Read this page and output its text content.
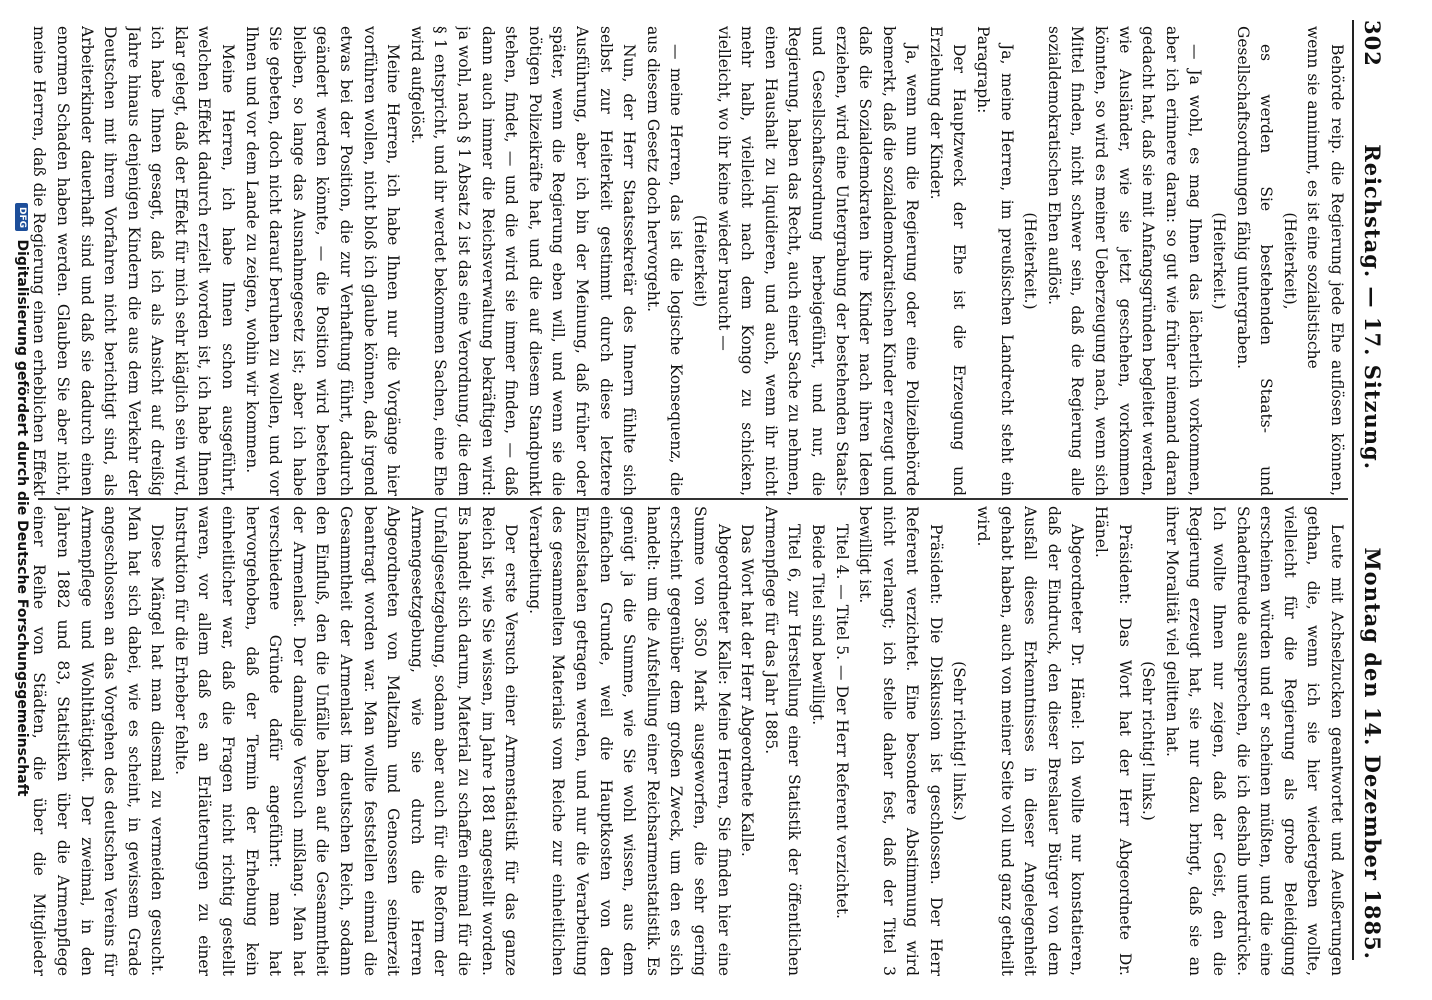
302
Reichstag. — 17. Sitzung.
Montag den 14. Dezember 1885.

Behörde reip. die Regierung jede Ehe auflösen können, wenn sie annimmt, es ist eine sozialistische

(Heiterkeit),

es werden Sie bestehenden Staats- und Gesellschaftsordnungen fähig untergraben.

(Heiterkeit.)

— Ja wohl, es mag Ihnen das lächerlich vorkommen, aber ich erinnere daran: so gut wie früher niemand daran gedacht hat, daß sie mit Anfangsgründen begleitet werden, wie Ausländer, wie sie jetzt geschehen, vorkommen könnten, so wird es meiner Ueberzeugung nach, wenn sich Mittel finden, nicht schwer sein, daß die Regierung alle sozialdemokratischen Ehen auflöst.

(Heiterkeit.)

Ja, meine Herren, im preußischen Landrecht steht ein Paragraph:

Der Hauptzweck der Ehe ist die Erzeugung und Erziehung der Kinder.

Ja, wenn nun die Regierung oder eine Polizeibehörde bemerkt, daß die sozialdemokratischen Kinder erzeugt und daß die Sozialdemokraten ihre Kinder nach ihren Ideen erziehen, wird eine Untergrabung der bestehenden Staats- und Gesellschaftsordnung herbeigeführt, und nur, die Regierung, haben das Recht, auch einer Sache zu nehmen, einen Haushalt zu liquidieren, und auch, wenn ihr nicht mehr halb, vielleicht nach dem Kongo zu schicken, vielleicht, wo ihr keine wieder braucht —

(Heiterkeit)

— meine Herren, das ist die logische Konsequenz, die aus diesem Gesetz doch hervorgeht.

Nun, der Herr Staatssekretär des Innern fühlte sich selbst zur Heiterkeit gestimmt durch diese letztere Ausführung, aber ich bin der Meinung, daß früher oder später, wenn die Regierung eben will, und wenn sie die nötigen Polizeikräfte hat, und die auf diesem Standpunkt stehen, findet, — und die wird sie immer finden, — daß dann auch immer die Reichsverwaltung bekräftigen wird: ja wohl, nach § 1 Absatz 2 ist das eine Verordnung, die dem § 1 entspricht, und ihr werdet bekommen Sachen, eine Ehe wird aufgelöst.

Meine Herren, ich habe Ihnen nur die Vorgänge hier vorführen wollen, nicht bloß ich glaube können, daß irgend etwas bei der Position, die zur Verhaftung führt, dadurch geändert werden könnte, — die Position wird bestehen bleiben, so lange das Ausnahmegesetz ist; aber ich habe Sie gebeten, doch nicht darauf beruhen zu wollen, und vor Ihnen und vor dem Lande zu zeigen, wohin wir kommen.

Meine Herren, ich habe Ihnen schon ausgeführt, welchen Effekt dadurch erzielt worden ist, ich habe Ihnen klar gelegt, daß der Effekt für mich sehr kläglich sein wird, ich habe Ihnen gesagt, daß ich als Ansicht auf dreißig Jahre hinaus denjenigen Kindern die aus dem Verkehr der Deutschen mit ihrem Vorfahren nicht berichtigt sind, als Arbeiterkinder dauerhaft sind und daß sie dadurch einen enormen Schaden haben werden. Glauben Sie aber nicht, meine Herren, daß die Regierung einen erheblichen Effekt

Leute mit Achselzucken geantwortet und Aeußerungen gethan, die, wenn ich sie hier wiedergeben wollte, vielleicht für die Regierung als grobe Beleidigung erscheinen würden und er scheinen müßten, und die eine Schadenfreude aussprechen, die ich deshalb unterdrücke. Ich wollte Ihnen nur zeigen, daß der Geist, den die Regierung erzeugt hat, sie nur dazu bringt, daß sie an ihrer Moralität viel gelitten hat.

(Sehr richtig! links.)

Präsident: Das Wort hat der Herr Abgeordnete Dr. Hänel.

Abgeordneter Dr. Hänel: Ich wollte nur konstatieren, daß der Eindruck, den dieser Breslauer Bürger von dem Ausfall dieses Erkenntnisses in dieser Angelegenheit gehabt haben, auch von meiner Seite voll und ganz getheilt wird.

(Sehr richtig! links.)

Präsident: Die Diskussion ist geschlossen. Der Herr Referent verzichtet. Eine besondere Abstimmung wird nicht verlangt; ich stelle daher fest, daß der Titel 3 bewilligt ist.

Titel 4. — Titel 5. — Der Herr Referent verzichtet.

Beide Titel sind bewilligt.

Titel 6, zur Herstellung einer Statistik der öffentlichen Armenpflege für das Jahr 1885.

Das Wort hat der Herr Abgeordnete Kalle.

Abgeordneter Kalle: Meine Herren, Sie finden hier eine Summe von 3650 Mark ausgeworfen, die sehr gering erscheint gegenüber dem großen Zweck, um den es sich handelt: um die Aufstellung einer Reichsarmenstatistik. Es genügt ja die Summe, wie Sie wohl wissen, aus dem einfachen Grunde, weil die Hauptkosten von den Einzelstaaten getragen werden, und nur die Verarbeitung des gesammelten Materials vom Reiche zur einheitlichen Verarbeitung.

Der erste Versuch einer Armenstatistik für das ganze Reich ist, wie Sie wissen, im Jahre 1881 angestellt worden. Es handelt sich darum, Material zu schaffen einmal für die Unfallgesetzgebung, sodann aber auch für die Reform der Armengesetzgebung, wie sie durch die Herren Abgeordneten von Maltzahn und Genossen seinerzeit beantragt worden war. Man wollte feststellen einmal die Gesammtheit der Armenlast im deutschen Reich, sodann den Einfluß, den die Unfälle haben auf die Gesammtheit der Armenlast. Der damalige Versuch mißlang. Man hat verschiedene Gründe dafür angeführt: man hat hervorgehoben, daß der Termin der Erhebung kein einheitlicher war, daß die Fragen nicht richtig gestellt waren, vor allem daß es an Erläuterungen zu einer Instruktion für die Erheber fehlte.

Diese Mängel hat man diesmal zu vermeiden gesucht. Man hat sich dabei, wie es scheint, in gewissem Grade angeschlossen an das Vorgehen des deutschen Vereins für Armenpflege und Wohlthätigkeit. Der zweimal, in den Jahren 1882 und 83, Statistiken über die Armenpflege einer Reihe von Städten, die über die Mitglieder

DFG
Digitalisierung gefördert durch die Deutsche Forschungsgemeinschaft
